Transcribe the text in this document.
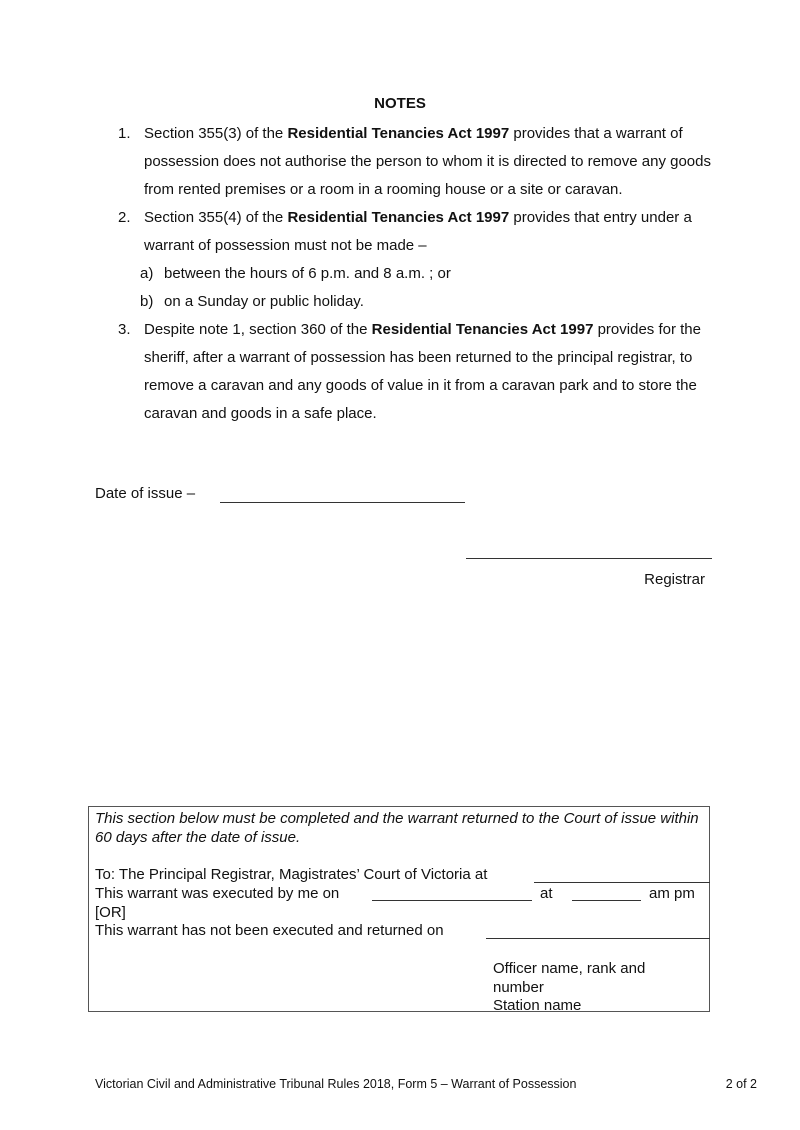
NOTES
1. Section 355(3) of the Residential Tenancies Act 1997 provides that a warrant of possession does not authorise the person to whom it is directed to remove any goods from rented premises or a room in a rooming house or a site or caravan.
2. Section 355(4) of the Residential Tenancies Act 1997 provides that entry under a warrant of possession must not be made –
a) between the hours of 6 p.m. and 8 a.m. ; or
b) on a Sunday or public holiday.
3. Despite note 1, section 360 of the Residential Tenancies Act 1997 provides for the sheriff, after a warrant of possession has been returned to the principal registrar, to remove a caravan and any goods of value in it from a caravan park and to store the caravan and goods in a safe place.
Date of issue –
Registrar
This section below must be completed and the warrant returned to the Court of issue within 60 days after the date of issue.
To: The Principal Registrar, Magistrates’ Court of Victoria at
This warrant was executed by me on	at	am pm
[OR]
This warrant has not been executed and returned on
Officer name, rank and number
Station name
Victorian Civil and Administrative Tribunal Rules 2018, Form 5 – Warrant of Possession	2 of 2
